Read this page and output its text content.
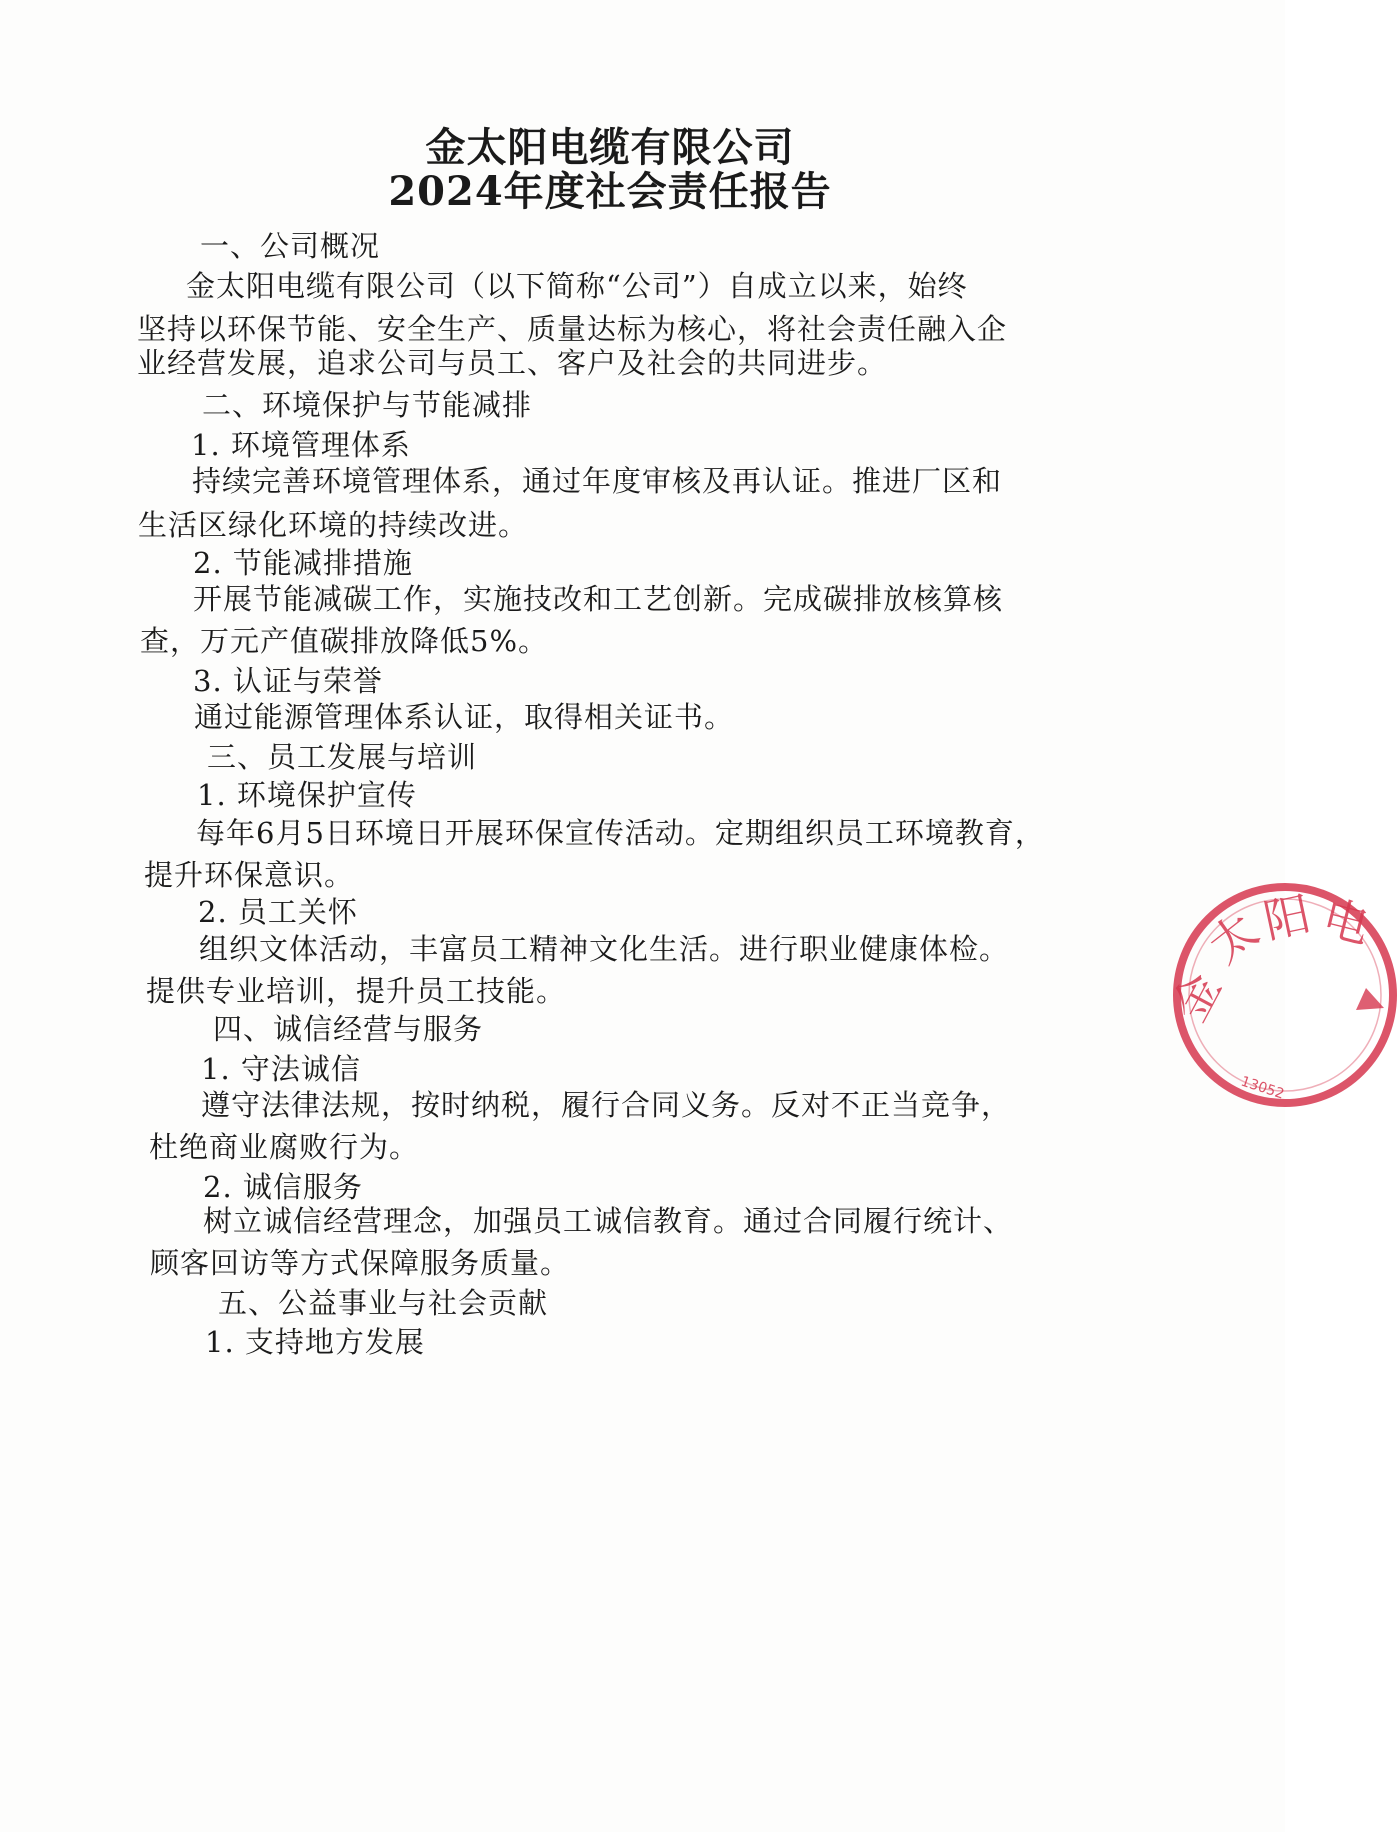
金太阳电缆有限公司
2024年度社会责任报告

一、公司概况

金太阳电缆有限公司（以下简称“公司”）自成立以来，始终

坚持以环保节能、安全生产、质量达标为核心，将社会责任融入企

业经营发展，追求公司与员工、客户及社会的共同进步。

二、环境保护与节能减排

1. 环境管理体系

持续完善环境管理体系，通过年度审核及再认证。推进厂区和

生活区绿化环境的持续改进。

2. 节能减排措施

开展节能减碳工作，实施技改和工艺创新。完成碳排放核算核

查，万元产值碳排放降低5%。

3. 认证与荣誉

通过能源管理体系认证，取得相关证书。

三、员工发展与培训

1. 环境保护宣传

每年6月5日环境日开展环保宣传活动。定期组织员工环境教育，

提升环保意识。

2. 员工关怀

组织文体活动，丰富员工精神文化生活。进行职业健康体检。

提供专业培训，提升员工技能。

四、诚信经营与服务

1. 守法诚信

遵守法律法规，按时纳税，履行合同义务。反对不正当竞争，

杜绝商业腐败行为。

2. 诚信服务

树立诚信经营理念，加强员工诚信教育。通过合同履行统计、

顾客回访等方式保障服务质量。

五、公益事业与社会贡献

1. 支持地方发展

金
太
阳 电
13052
